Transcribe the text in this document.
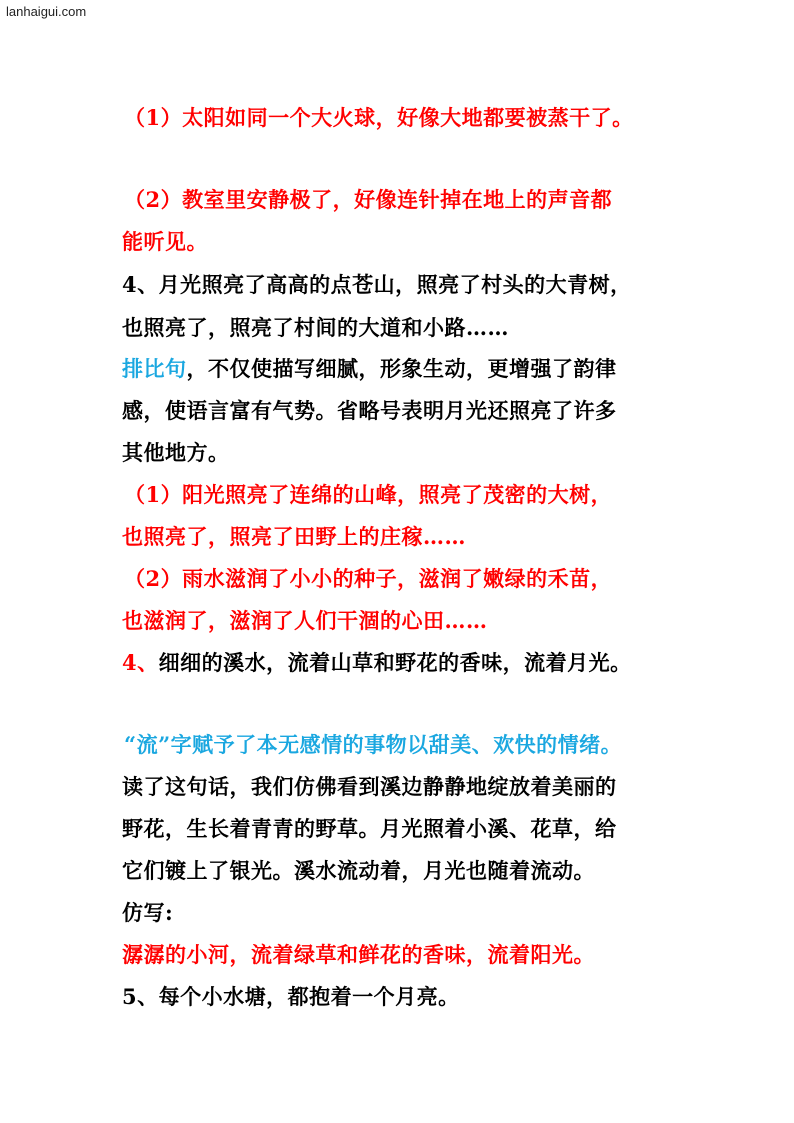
lanhaigui.com
（1）太阳如同一个大火球，好像大地都要被蒸干了。
（2）教室里安静极了，好像连针掉在地上的声音都
能听见。
4、月光照亮了高高的点苍山，照亮了村头的大青树，
也照亮了，照亮了村间的大道和小路……
排比句，不仅使描写细腻，形象生动，更增强了韵律
感，使语言富有气势。省略号表明月光还照亮了许多
其他地方。
（1）阳光照亮了连绵的山峰，照亮了茂密的大树，
也照亮了，照亮了田野上的庄稼……
（2）雨水滋润了小小的种子，滋润了嫩绿的禾苗，
也滋润了，滋润了人们干涸的心田……
4、细细的溪水，流着山草和野花的香味，流着月光。
“流”字赋予了本无感情的事物以甜美、欢快的情绪。
读了这句话，我们仿佛看到溪边静静地绽放着美丽的
野花，生长着青青的野草。月光照着小溪、花草，给
它们镀上了银光。溪水流动着，月光也随着流动。
仿写:
潺潺的小河，流着绿草和鲜花的香味，流着阳光。
5、每个小水塘，都抱着一个月亮。
